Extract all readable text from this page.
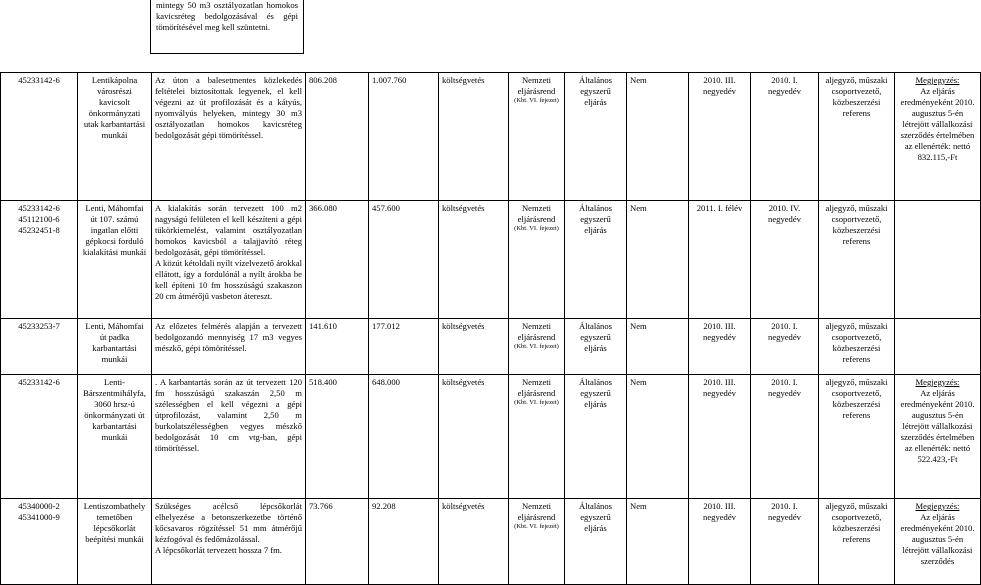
mintegy 50 m3 osztályozatlan homokos kavicsréteg bedolgozásával és gépi tömörítésével meg kell szüntetni.
45233142-6	Lentikápolna városrészi kavicsolt önkormányzati utak karbantartási munkái	Az úton a balesetmentes közlekedés feltételei biztosítottak legyenek, el kell végezni az út profilozását és a kátyús, nyomvályús helyeken, mintegy 30 m3 osztályozatlan homokos kavicsréteg bedolgozását gépi tömörítéssel.	806.208	1.007.760	költségvetés	Nemzeti eljárásrend
(Kbt. VI. fejezet)	Általános egyszerű eljárás	Nem	2010. III. negyedév	2010. I. negyedév	aljegyző, műszaki csoportvezető, közbeszerzési referens	Megjegyzés:
Az eljárás eredményeként 2010. augusztus 5-én létrejött vállalkozási szerződés értelmében az ellenérték: nettó 832.115,-Ft
45233142-6 45112100-6 45232451-8	Lenti, Máhomfai út 107. számú ingatlan előtti gépkocsi forduló kialakítási munkái	A kialakítás során tervezett 100 m2 nagyságú felületen el kell készíteni a gépi tükörkiemelést, valamint osztályozatlan homokos kavicsból a talajjavító réteg bedolgozását, gépi tömörítéssel.
A közút kétoldali nyílt vízelvezető árokkal ellátott, így a fordulónál a nyílt árokba be kell építeni 10 fm hosszúságú szakaszon 20 cm átmérőjű vasbeton átereszt.	366.080	457.600	költségvetés	Nemzeti eljárásrend
(Kbt. VI. fejezet)	Általános egyszerű eljárás	Nem	2011. I. félév	2010. IV. negyedév	aljegyző, műszaki csoportvezető, közbeszerzési referens	
45233253-7	Lenti, Máhomfai út padka karbantartási munkái	Az előzetes felmérés alapján a tervezett bedolgozandó mennyiség 17 m3 vegyes mészkő, gépi tömörítéssel.	141.610	177.012	költségvetés	Nemzeti eljárásrend
(Kbt. VI. fejezet)	Általános egyszerű eljárás	Nem	2010. III. negyedév	2010. I. negyedév	aljegyző, műszaki csoportvezető, közbeszerzési referens	
45233142-6	Lenti- Bárszentmihályfa, 3060 hrsz-ú önkormányzati út karbantartási munkái	. A karbantartás során az út tervezett 120 fm hosszúságú szakaszán 2,50 m szélességben el kell végezni a gépi útprofilozást, valamint 2,50 m burkolatszélességben vegyes mészkő bedolgozását 10 cm vtg-ban, gépi tömörítéssel.	518.400	648.000	költségvetés	Nemzeti eljárásrend
(Kbt. VI. fejezet)	Általános egyszerű eljárás	Nem	2010. III. negyedév	2010. I. negyedév	aljegyző, műszaki csoportvezető, közbeszerzési referens	Megjegyzés:
Az eljárás eredményeként 2010. augusztus 5-én létrejött vállalkozási szerződés értelmében az ellenérték: nettó 522.423,-Ft
45340000-2 45341000-9	Lentiszombathely temetőben lépcsőkorlát beépítési munkái	Szükséges acélcső lépcsőkorlát elhelyezése a betonszerkezetbe történő kőcsavaros rögzítéssel 51 mm átmérőjű kézfogóval és fedőmázolással.
A lépcsőkorlát tervezett hossza 7 fm.	73.766	92.208	költségvetés	Nemzeti eljárásrend
(Kbt. VI. fejezet)	Általános egyszerű eljárás	Nem	2010. III. negyedév	2010. I. negyedév	aljegyző, műszaki csoportvezető, közbeszerzési referens	Megjegyzés:
Az eljárás eredményeként 2010. augusztus 5-én létrejött vállalkozási szerződés
